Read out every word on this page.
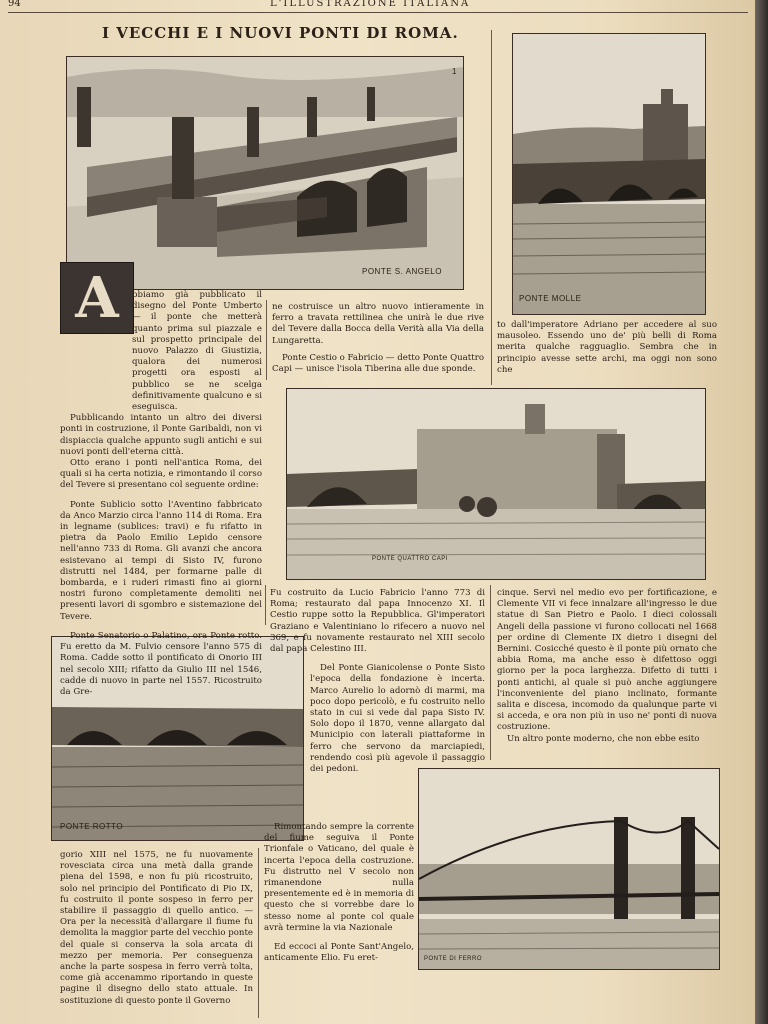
94	L'ILLUSTRAZIONE ITALIANA
I VECCHI E I NUOVI PONTI DI ROMA.
PONTE S. ANGELO
1
A	PONTE MOLLE
PONTE QUATTRO CAPI
PONTE ROTTO
PONTE DI FERRO

bbiamo già pubblicato il disegno del Ponte Umberto — il ponte che metterà quanto prima sul piazzale e sul prospetto principale del nuovo Palazzo di Giustizia, qualora dei numerosi progetti ora esposti al pubblico se ne scelga definitivamente qualcuno e si eseguisca.

Pubblicando intanto un altro dei diversi ponti in costruzione, il Ponte Garibaldi, non vi dispiaccia qualche appunto sugli antichi e sui nuovi ponti dell'eterna città.

Otto erano i ponti nell'antica Roma, dei quali si ha certa notizia, e rimontando il corso del Tevere si presentano col seguente ordine:

Ponte Sublicio sotto l'Aventino fabbricato da Anco Marzio circa l'anno 114 di Roma. Era in legname (sublices: travi) e fu rifatto in pietra da Paolo Emilio Lepido censore nell'anno 733 di Roma. Gli avanzi che ancora esistevano ai tempi di Sisto IV, furono distrutti nel 1484, per formarne palle di bombarda, e i ruderi rimasti fino ai giorni nostri furono completamente demoliti nei presenti lavori di sgombro e sistemazione del Tevere.

Ponte Senatorio o Palatino, ora Ponte rotto. Fu eretto da M. Fulvio censore l'anno 575 di Roma. Cadde sotto il pontificato di Onorio III nel secolo XIII; rifatto da Giulio III nel 1546, cadde di nuovo in parte nel 1557. Ricostruito da Gre-

ne costruisce un altro nuovo intieramente in ferro a travata rettilinea che unirà le due rive del Tevere dalla Bocca della Verità alla Via della Lungaretta.

Ponte Cestio o Fabricio — detto Ponte Quattro Capi — unisce l'isola Tiberina alle due sponde.

to dall'imperatore Adriano per accedere al suo mausoleo. Essendo uno de' più belli di Roma merita qualche ragguaglio. Sembra che in principio avesse sette archi, ma oggi non sono che

Fu costruito da Lucio Fabricio l'anno 773 di Roma; restaurato dal papa Innocenzo XI. Il Cestio ruppe sotto la Repubblica. Gl'imperatori Graziano e Valentiniano lo rifecero a nuovo nel 369, e fu novamente restaurato nel XIII secolo dal papa Celestino III.

Del Ponte Gianicolense o Ponte Sisto l'epoca della fondazione è incerta. Marco Aurelio lo adornò di marmi, ma poco dopo pericolò, e fu costruito nello stato in cui si vede dal papa Sisto IV. Solo dopo il 1870, venne allargato dal Municipio con laterali piattaforme in ferro che servono da marciapiedi, rendendo così più agevole il passaggio dei pedoni.

Rimontando sempre la corrente del fiume seguiva il Ponte Trionfale o Vaticano, del quale è incerta l'epoca della costruzione. Fu distrutto nel V secolo non rimanendone nulla presentemente ed è in memoria di questo che si vorrebbe dare lo stesso nome al ponte col quale avrà termine la via Nazionale

Ed eccoci al Ponte Sant'Angelo, anticamente Elio. Fu eret-

cinque. Servì nel medio evo per fortificazione, e Clemente VII vi fece innalzare all'ingresso le due statue di San Pietro e Paolo. I dieci colossali Angeli della passione vi furono collocati nel 1668 per ordine di Clemente IX dietro i disegni del Bernini. Cosicché questo è il ponte più ornato che abbia Roma, ma anche esso è difettoso oggi giorno per la poca larghezza. Difetto di tutti i ponti antichi, al quale si può anche aggiungere l'inconveniente del piano inclinato, formante salita e discesa, incomodo da qualunque parte vi si acceda, e ora non più in uso ne' ponti di nuova costruzione.

Un altro ponte moderno, che non ebbe esito

gorio XIII nel 1575, ne fu nuovamente rovesciata circa una metà dalla grande piena del 1598, e non fu più ricostruito, solo nel principio del Pontificato di Pio IX, fu costruito il ponte sospeso in ferro per stabilire il passaggio di quello antico. — Ora per la necessità d'allargare il fiume fu demolita la maggior parte del vecchio ponte del quale si conserva la sola arcata di mezzo per memoria. Per conseguenza anche la parte sospesa in ferro verrà tolta, come già accenammo riportando in queste pagine il disegno dello stato attuale. In sostituzione di questo ponte il Governo
